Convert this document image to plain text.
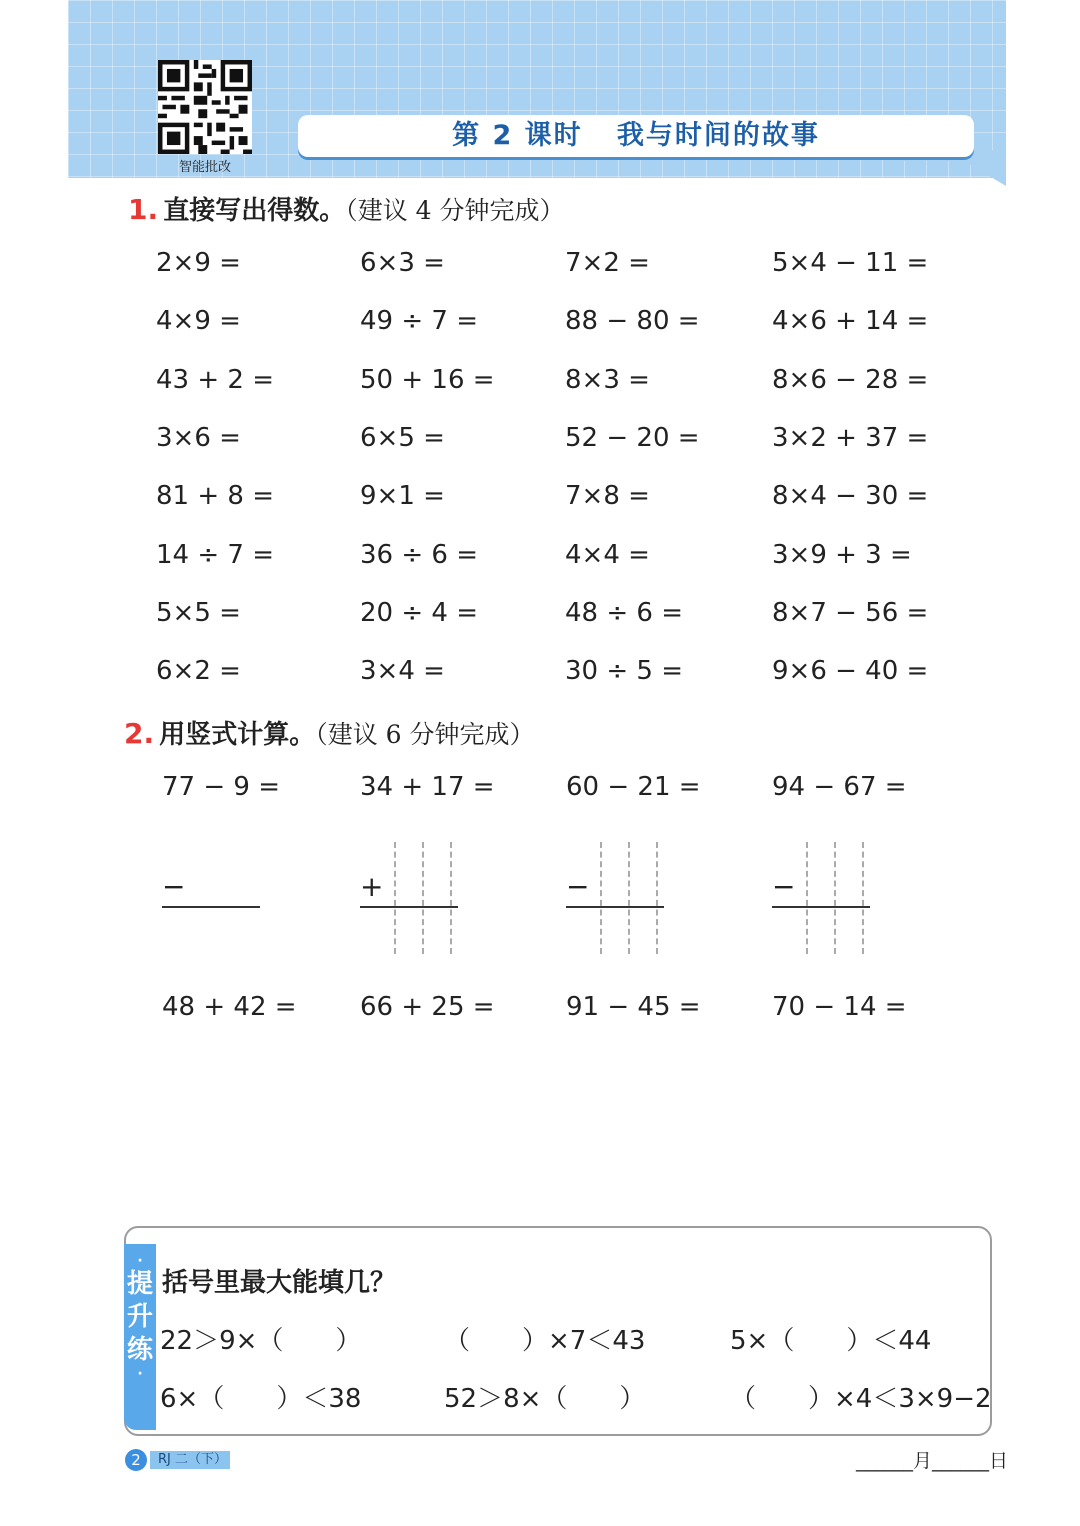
智能批改
第 2 课时   我与时间的故事
1. 直接写出得数。（建议 4 分钟完成）
2×9 =	6×3 =	7×2 =	5×4 − 11 =
4×9 =	49 ÷ 7 =	88 − 80 =	4×6 + 14 =
43 + 2 =	50 + 16 =	8×3 =	8×6 − 28 =
3×6 =	6×5 =	52 − 20 =	3×2 + 37 =
81 + 8 =	9×1 =	7×8 =	8×4 − 30 =
14 ÷ 7 =	36 ÷ 6 =	4×4 =	3×9 + 3 =
5×5 =	20 ÷ 4 =	48 ÷ 6 =	8×7 − 56 =
6×2 =	3×4 =	30 ÷ 5 =	9×6 − 40 =
2. 用竖式计算。（建议 6 分钟完成）
77 − 9 =	34 + 17 =	60 − 21 =	94 − 67 =
−	+	−	−
48 + 42 = 66 + 25 =	91 − 45 =	70 − 14 =
·
提
升
练
·
括号里最大能填几？
22＞9×（　　）	（　　）×7＜43	5×（　　）＜44
6×（　　）＜38	52＞8×（　　）	（　　）×4＜3×9−2
2	RJ 二（下）	______月______日
